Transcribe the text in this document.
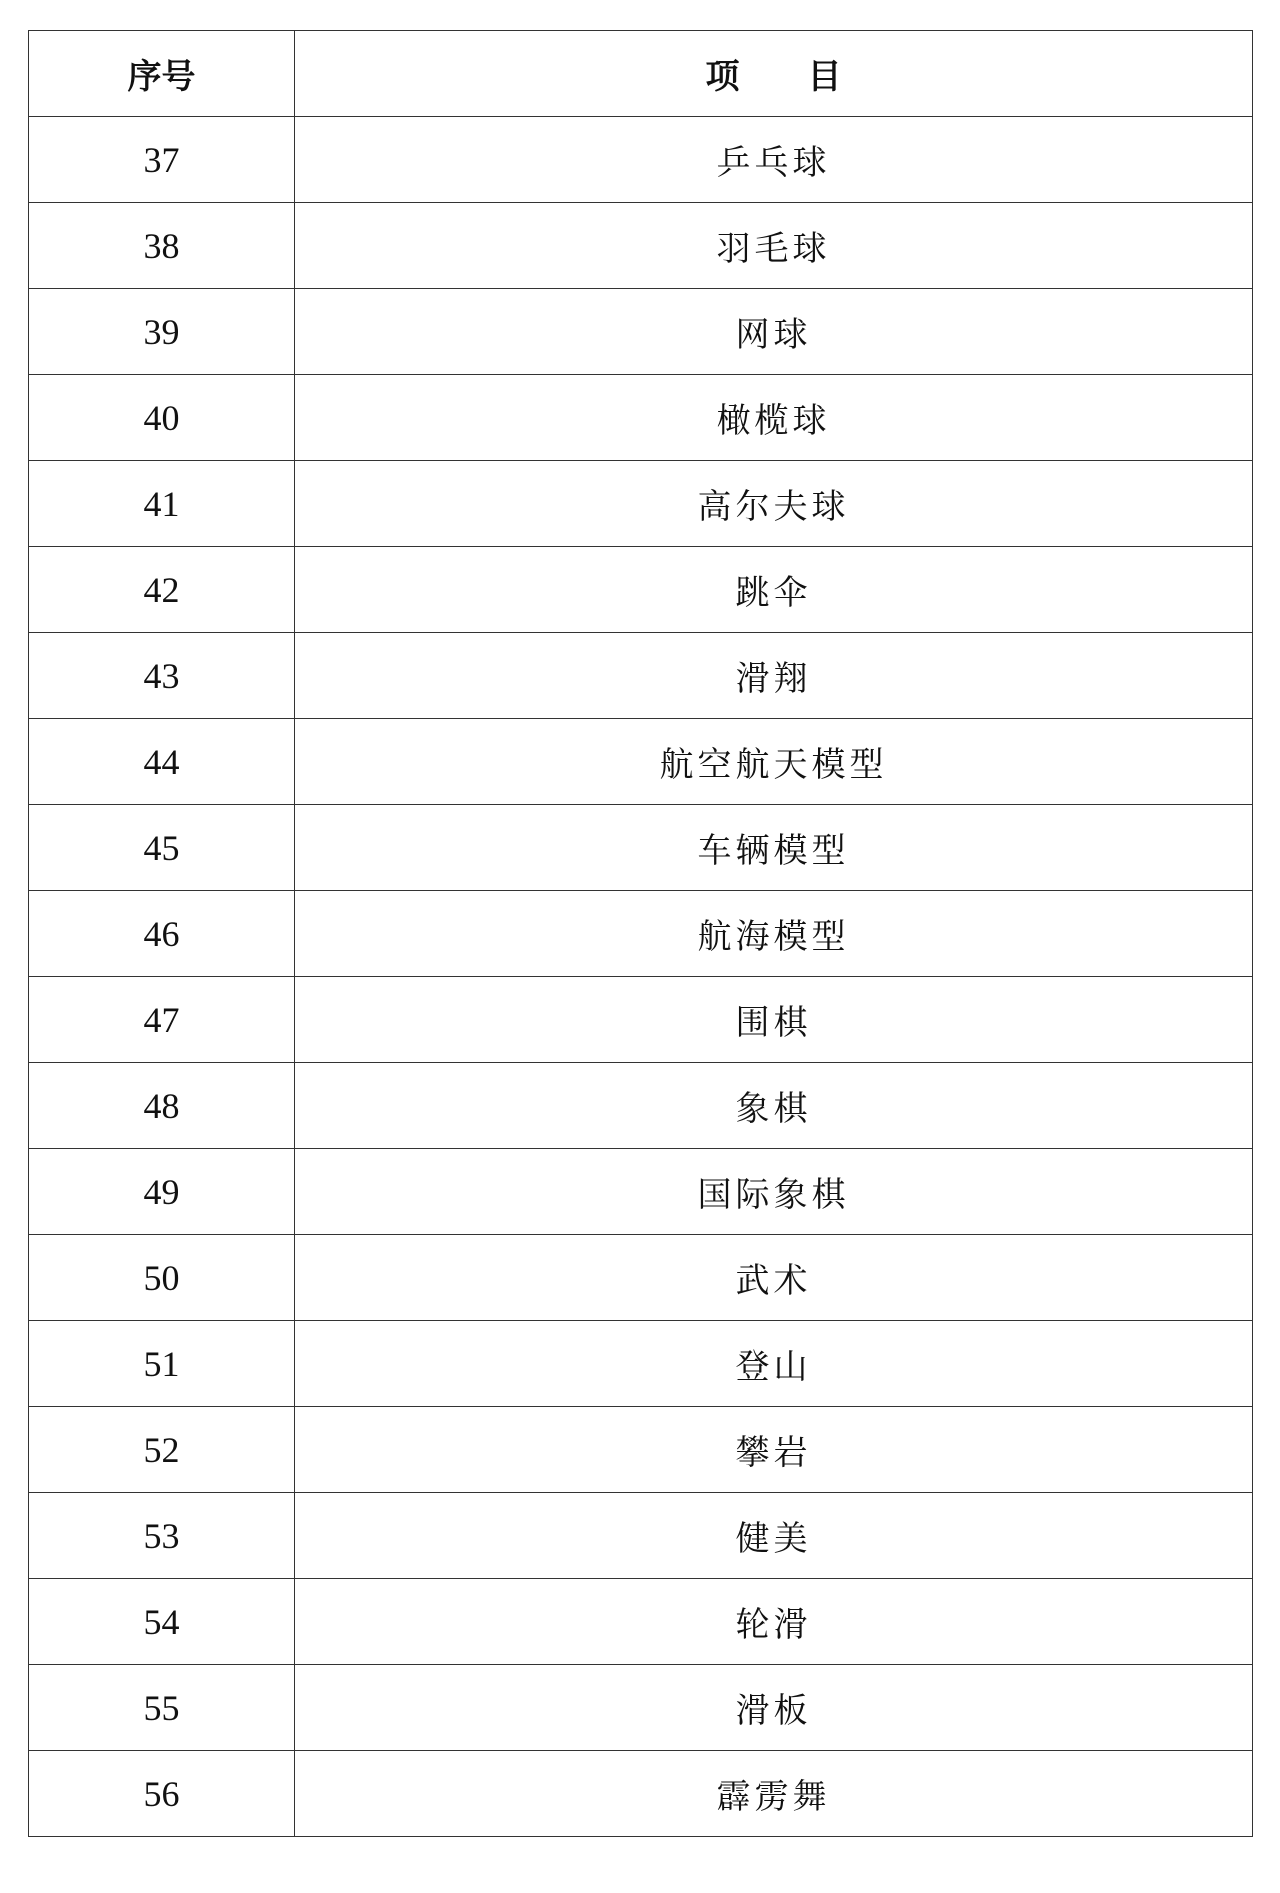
序号	项　　目
37	乒乓球
38	羽毛球
39	网球
40	橄榄球
41	高尔夫球
42	跳伞
43	滑翔
44	航空航天模型
45	车辆模型
46	航海模型
47	围棋
48	象棋
49	国际象棋
50	武术
51	登山
52	攀岩
53	健美
54	轮滑
55	滑板
56	霹雳舞
